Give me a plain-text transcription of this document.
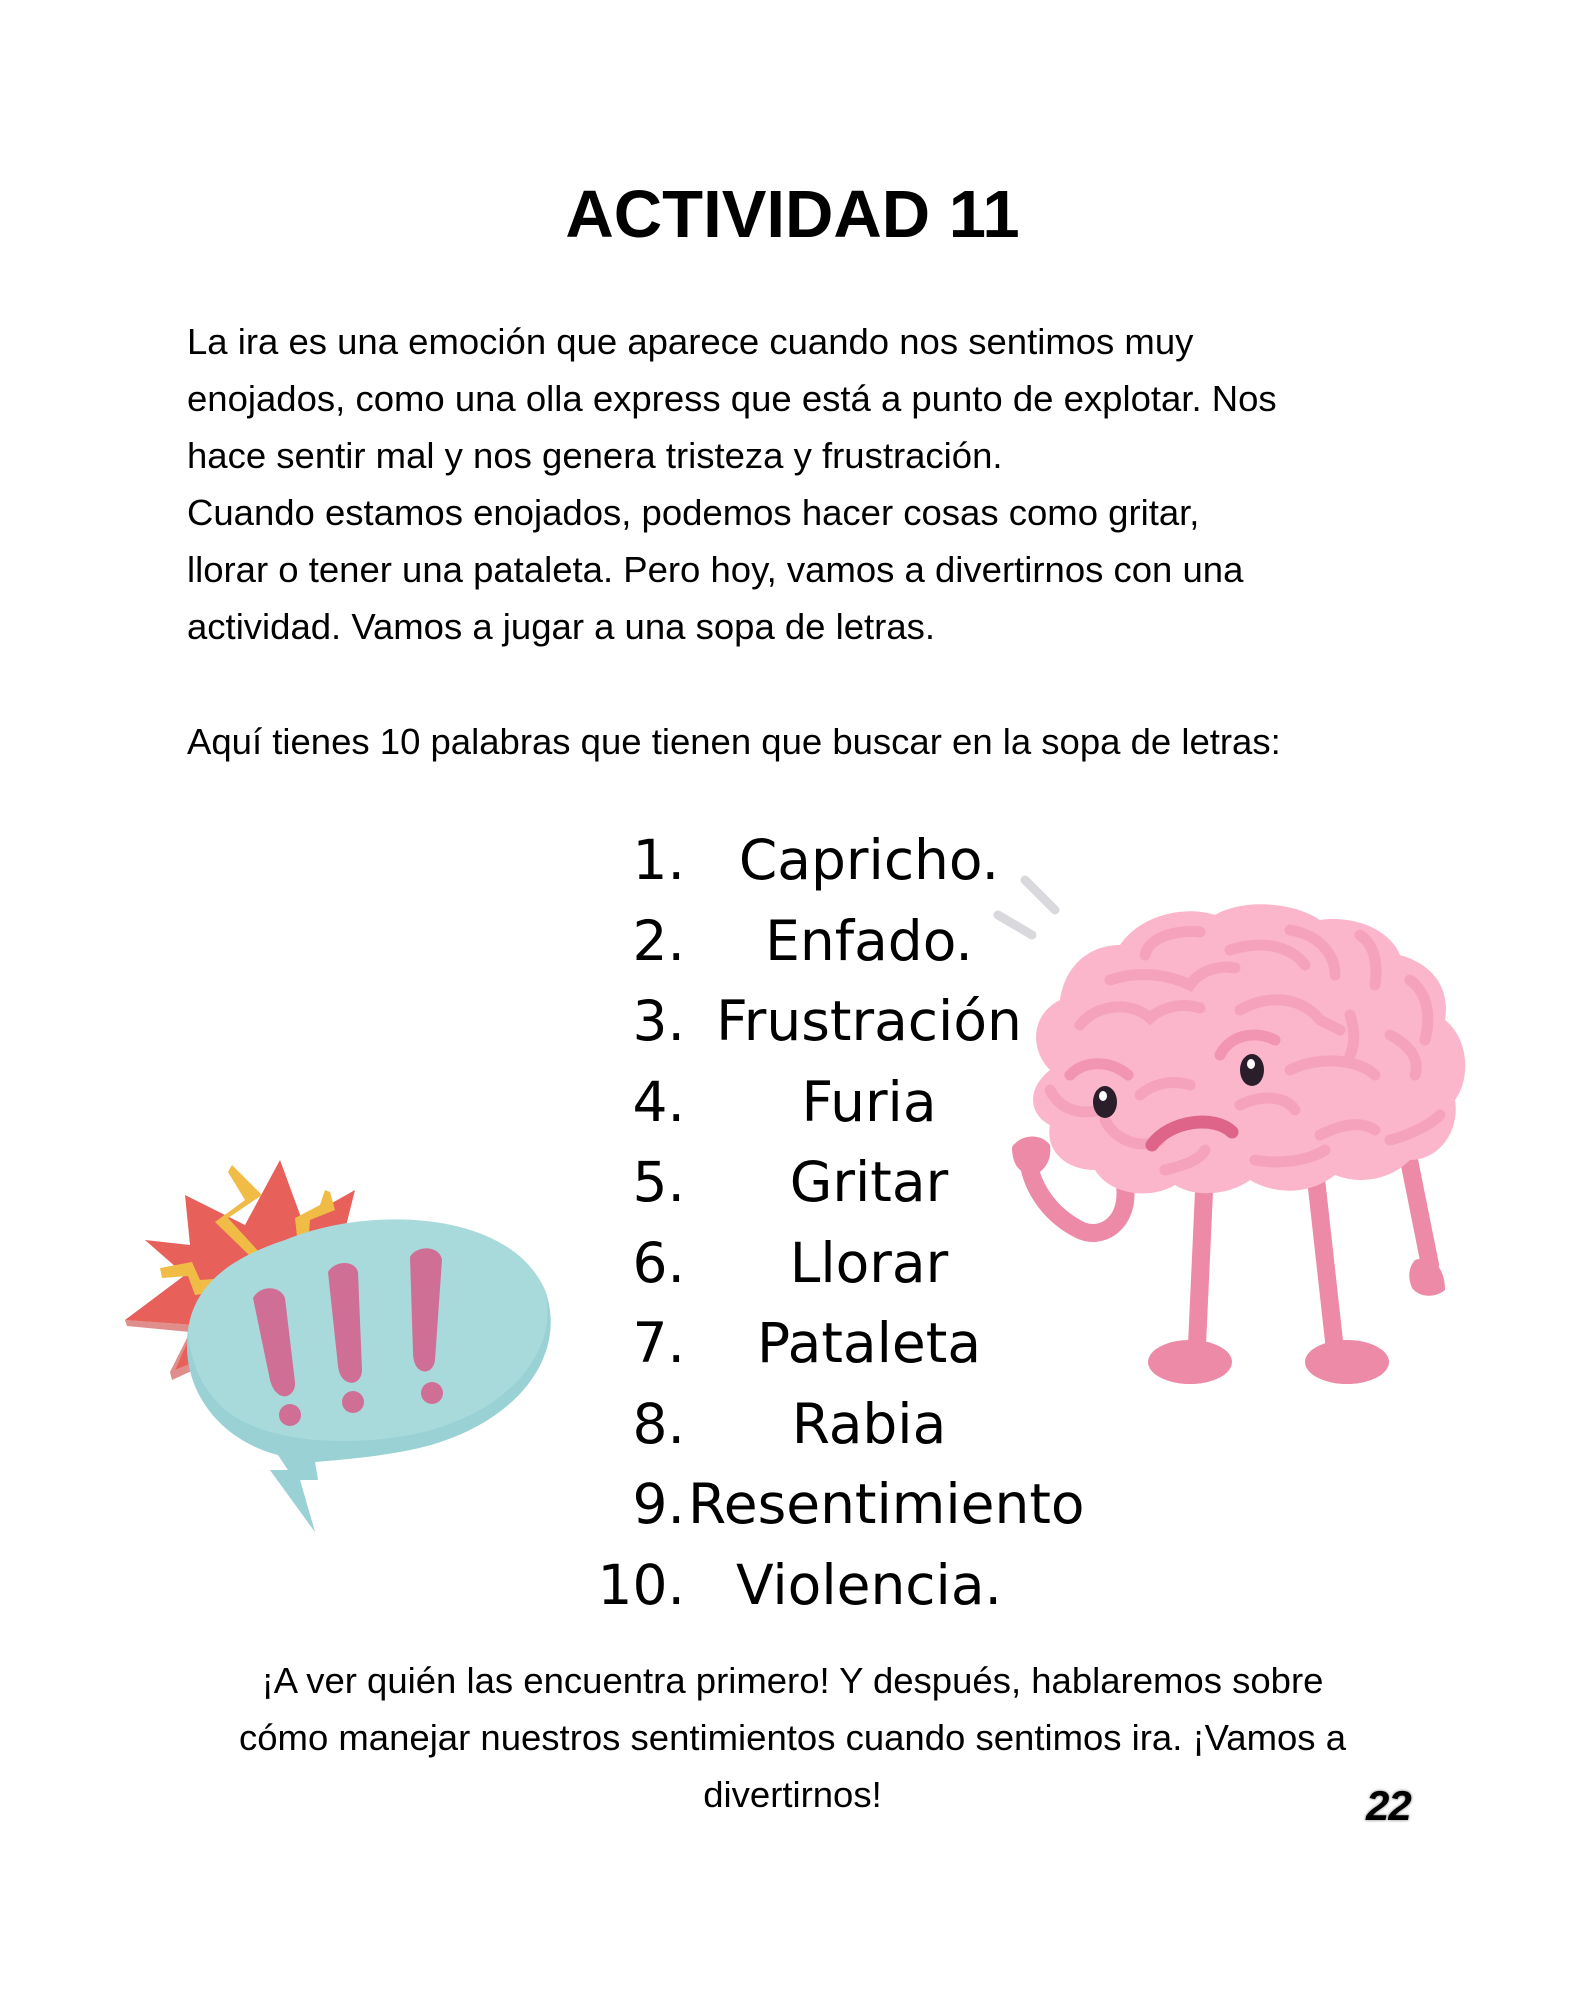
ACTIVIDAD 11
La ira es una emoción que aparece cuando nos sentimos muy
enojados, como una olla express que está a punto de explotar. Nos
hace sentir mal y nos genera tristeza y frustración.
Cuando estamos enojados, podemos hacer cosas como gritar,
llorar o tener una pataleta. Pero hoy, vamos a divertirnos con una
actividad. Vamos a jugar a una sopa de letras.
Aquí tienes 10 palabras que tienen que buscar en la sopa de letras:
1. Capricho.
2.	Enfado.
3. Frustración
4.	Furia
5.	Gritar
6.	Llorar
7.	Pataleta
8.	Rabia
9. Resentimiento
10. Violencia.
¡A ver quién las encuentra primero! Y después, hablaremos sobre
cómo manejar nuestros sentimientos cuando sentimos ira. ¡Vamos a
divertirnos!	22
